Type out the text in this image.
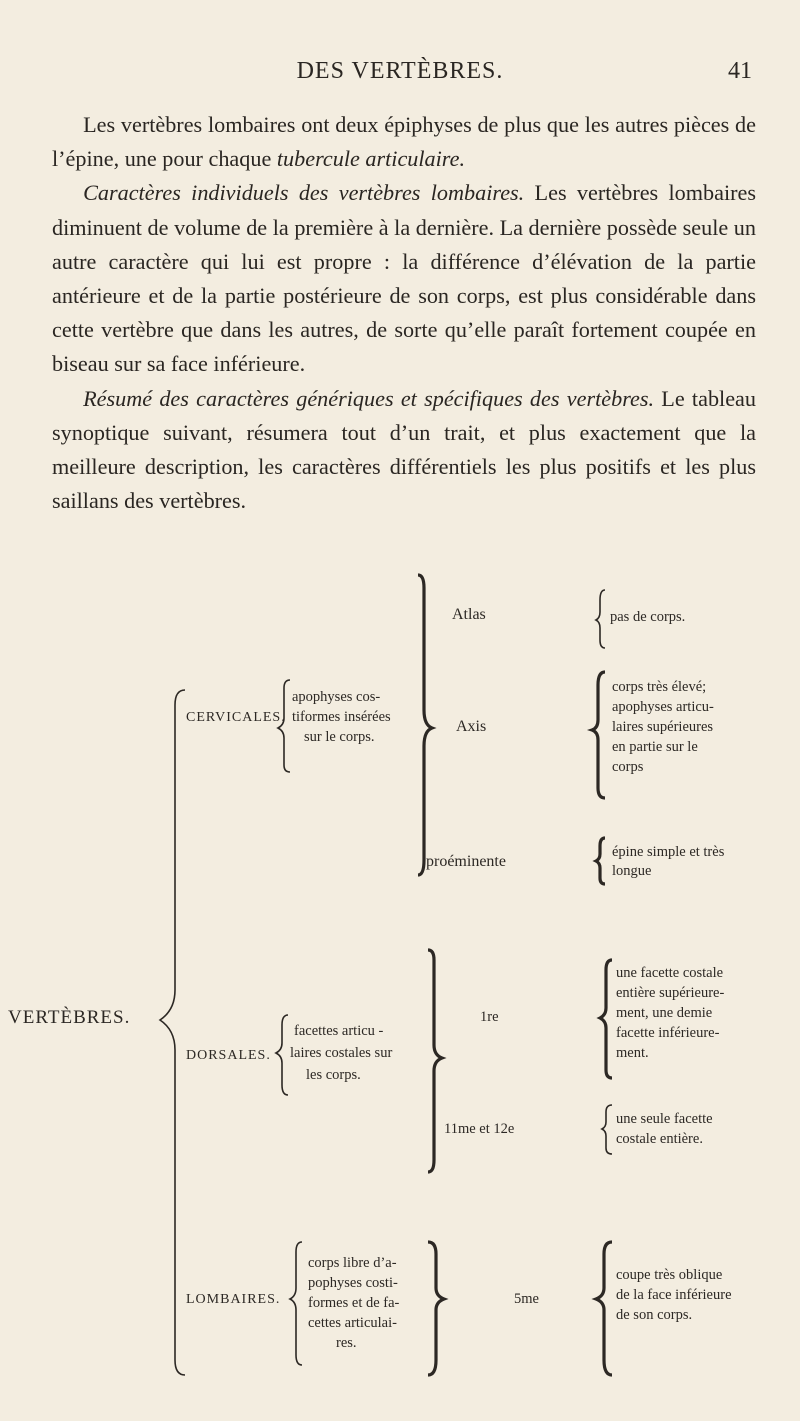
DES VERTÈBRES.	41

Les vertèbres lombaires ont deux épiphyses de plus que les autres pièces de l’épine, une pour chaque tubercule articulaire.

Caractères individuels des vertèbres lombaires. Les vertèbres lombaires diminuent de volume de la première à la dernière. La dernière possède seule un autre caractère qui lui est propre : la différence d’élévation de la partie antérieure et de la partie postérieure de son corps, est plus considérable dans cette vertèbre que dans les autres, de sorte qu’elle paraît fortement coupée en biseau sur sa face inférieure.

Résumé des caractères génériques et spécifiques des vertèbres. Le tableau synoptique suivant, résumera tout d’un trait, et plus exactement que la meilleure description, les caractères différentiels les plus positifs et les plus saillans des vertèbres.

VERTÈBRES.
CERVICALES.
apophyses cos-
tiformes insérées
sur le corps.
Atlas	pas de corps.
Axis
corps très élevé;
apophyses articu-
laires supérieures
en partie sur le
corps
proéminente
épine simple et très
longue
DORSALES.
facettes articu -
laires costales sur
les corps.
1re
une facette costale
entière supérieure-
ment, une demie
facette inférieure-
ment.
11me et 12e
une seule facette
costale entière.
LOMBAIRES.
corps libre d’a-
pophyses costi-
formes et de fa-
cettes articulai-
res.
5me
coupe très oblique
de la face inférieure
de son corps.
